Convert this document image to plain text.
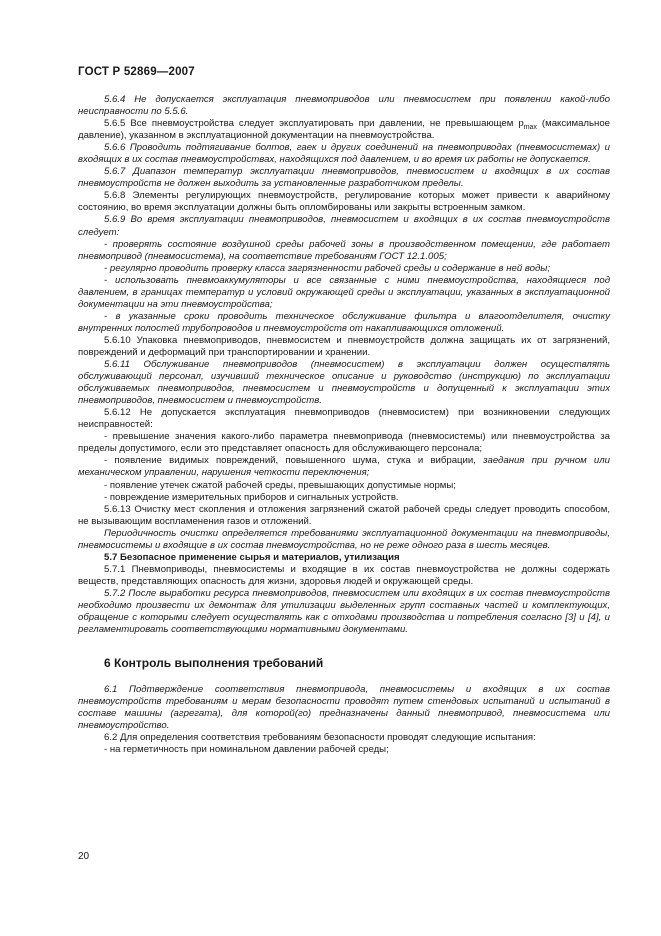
ГОСТ Р 52869—2007

5.6.4 Не допускается эксплуатация пневмоприводов или пневмосистем при появлении какой-либо неисправности по 5.5.6.

5.6.5 Все пневмоустройства следует эксплуатировать при давлении, не превышающем $p_{max}$ (максимальное давление), указанном в эксплуатационной документации на пневмоустройства.

5.6.6 Проводить подтягивание болтов, гаек и других соединений на пневмоприводах (пневмосистемах) и входящих в их состав пневмоустройствах, находящихся под давлением, и во время их работы не допускается.

5.6.7 Диапазон температур эксплуатации пневмоприводов, пневмосистем и входящих в их состав пневмоустройств не должен выходить за установленные разработчиком пределы.

5.6.8 Элементы регулирующих пневмоустройств, регулирование которых может привести к аварийному состоянию, во время эксплуатации должны быть опломбированы или закрыты встроенным замком.

5.6.9 Во время эксплуатации пневмоприводов, пневмосистем и входящих в их состав пневмоустройств следует:

- проверять состояние воздушной среды рабочей зоны в производственном помещении, где работает пневмопривод (пневмосистема), на соответствие требованиям ГОСТ 12.1.005;

- регулярно проводить проверку класса загрязненности рабочей среды и содержание в ней воды;

- использовать пневмоаккумуляторы и все связанные с ними пневмоустройства, находящиеся под давлением, в границах температур и условий окружающей среды и эксплуатации, указанных в эксплуатационной документации на эти пневмоустройства;

- в указанные сроки проводить техническое обслуживание фильтра и влагоотделителя, очистку внутренних полостей трубопроводов и пневмоустройств от накапливающихся отложений.

5.6.10 Упаковка пневмоприводов, пневмосистем и пневмоустройств должна защищать их от загрязнений, повреждений и деформаций при транспортировании и хранении.

5.6.11 Обслуживание пневмоприводов (пневмосистем) в эксплуатации должен осуществлять обслуживающий персонал, изучивший техническое описание и руководство (инструкцию) по эксплуатации обслуживаемых пневмоприводов, пневмосистем и пневмоустройств и допущенный к эксплуатации этих пневмоприводов, пневмосистем и пневмоустройств.

5.6.12 Не допускается эксплуатация пневмоприводов (пневмосистем) при возникновении следующих неисправностей:

- превышение значения какого-либо параметра пневмопривода (пневмосистемы) или пневмоустройства за пределы допустимого, если это представляет опасность для обслуживающего персонала;

- появление видимых повреждений, повышенного шума, стука и вибрации, заедания при ручном или механическом управлении, нарушения четкости переключения;

- появление утечек сжатой рабочей среды, превышающих допустимые нормы;

- повреждение измерительных приборов и сигнальных устройств.

5.6.13 Очистку мест скопления и отложения загрязнений сжатой рабочей среды следует проводить способом, не вызывающим воспламенения газов и отложений.

Периодичность очистки определяется требованиями эксплуатационной документации на пневмоприводы, пневмосистемы и входящие в их состав пневмоустройства, но не реже одного раза в шесть месяцев.

5.7 Безопасное применение сырья и материалов, утилизация

5.7.1 Пневмоприводы, пневмосистемы и входящие в их состав пневмоустройства не должны содержать веществ, представляющих опасность для жизни, здоровья людей и окружающей среды.

5.7.2 После выработки ресурса пневмоприводов, пневмосистем или входящих в их состав пневмоустройств необходимо произвести их демонтаж для утилизации выделенных групп составных частей и комплектующих, обращение с которыми следует осуществлять как с отходами производства и потребления согласно [3] и [4], и регламентировать соответствующими нормативными документами.

6 Контроль выполнения требований

6.1 Подтверждение соответствия пневмопривода, пневмосистемы и входящих в их состав пневмоустройств требованиям и мерам безопасности проводят путем стендовых испытаний и испытаний в составе машины (агрегата), для которой(го) предназначены данный пневмопривод, пневмосистема или пневмоустройство.

6.2 Для определения соответствия требованиям безопасности проводят следующие испытания:

- на герметичность при номинальном давлении рабочей среды;

20
